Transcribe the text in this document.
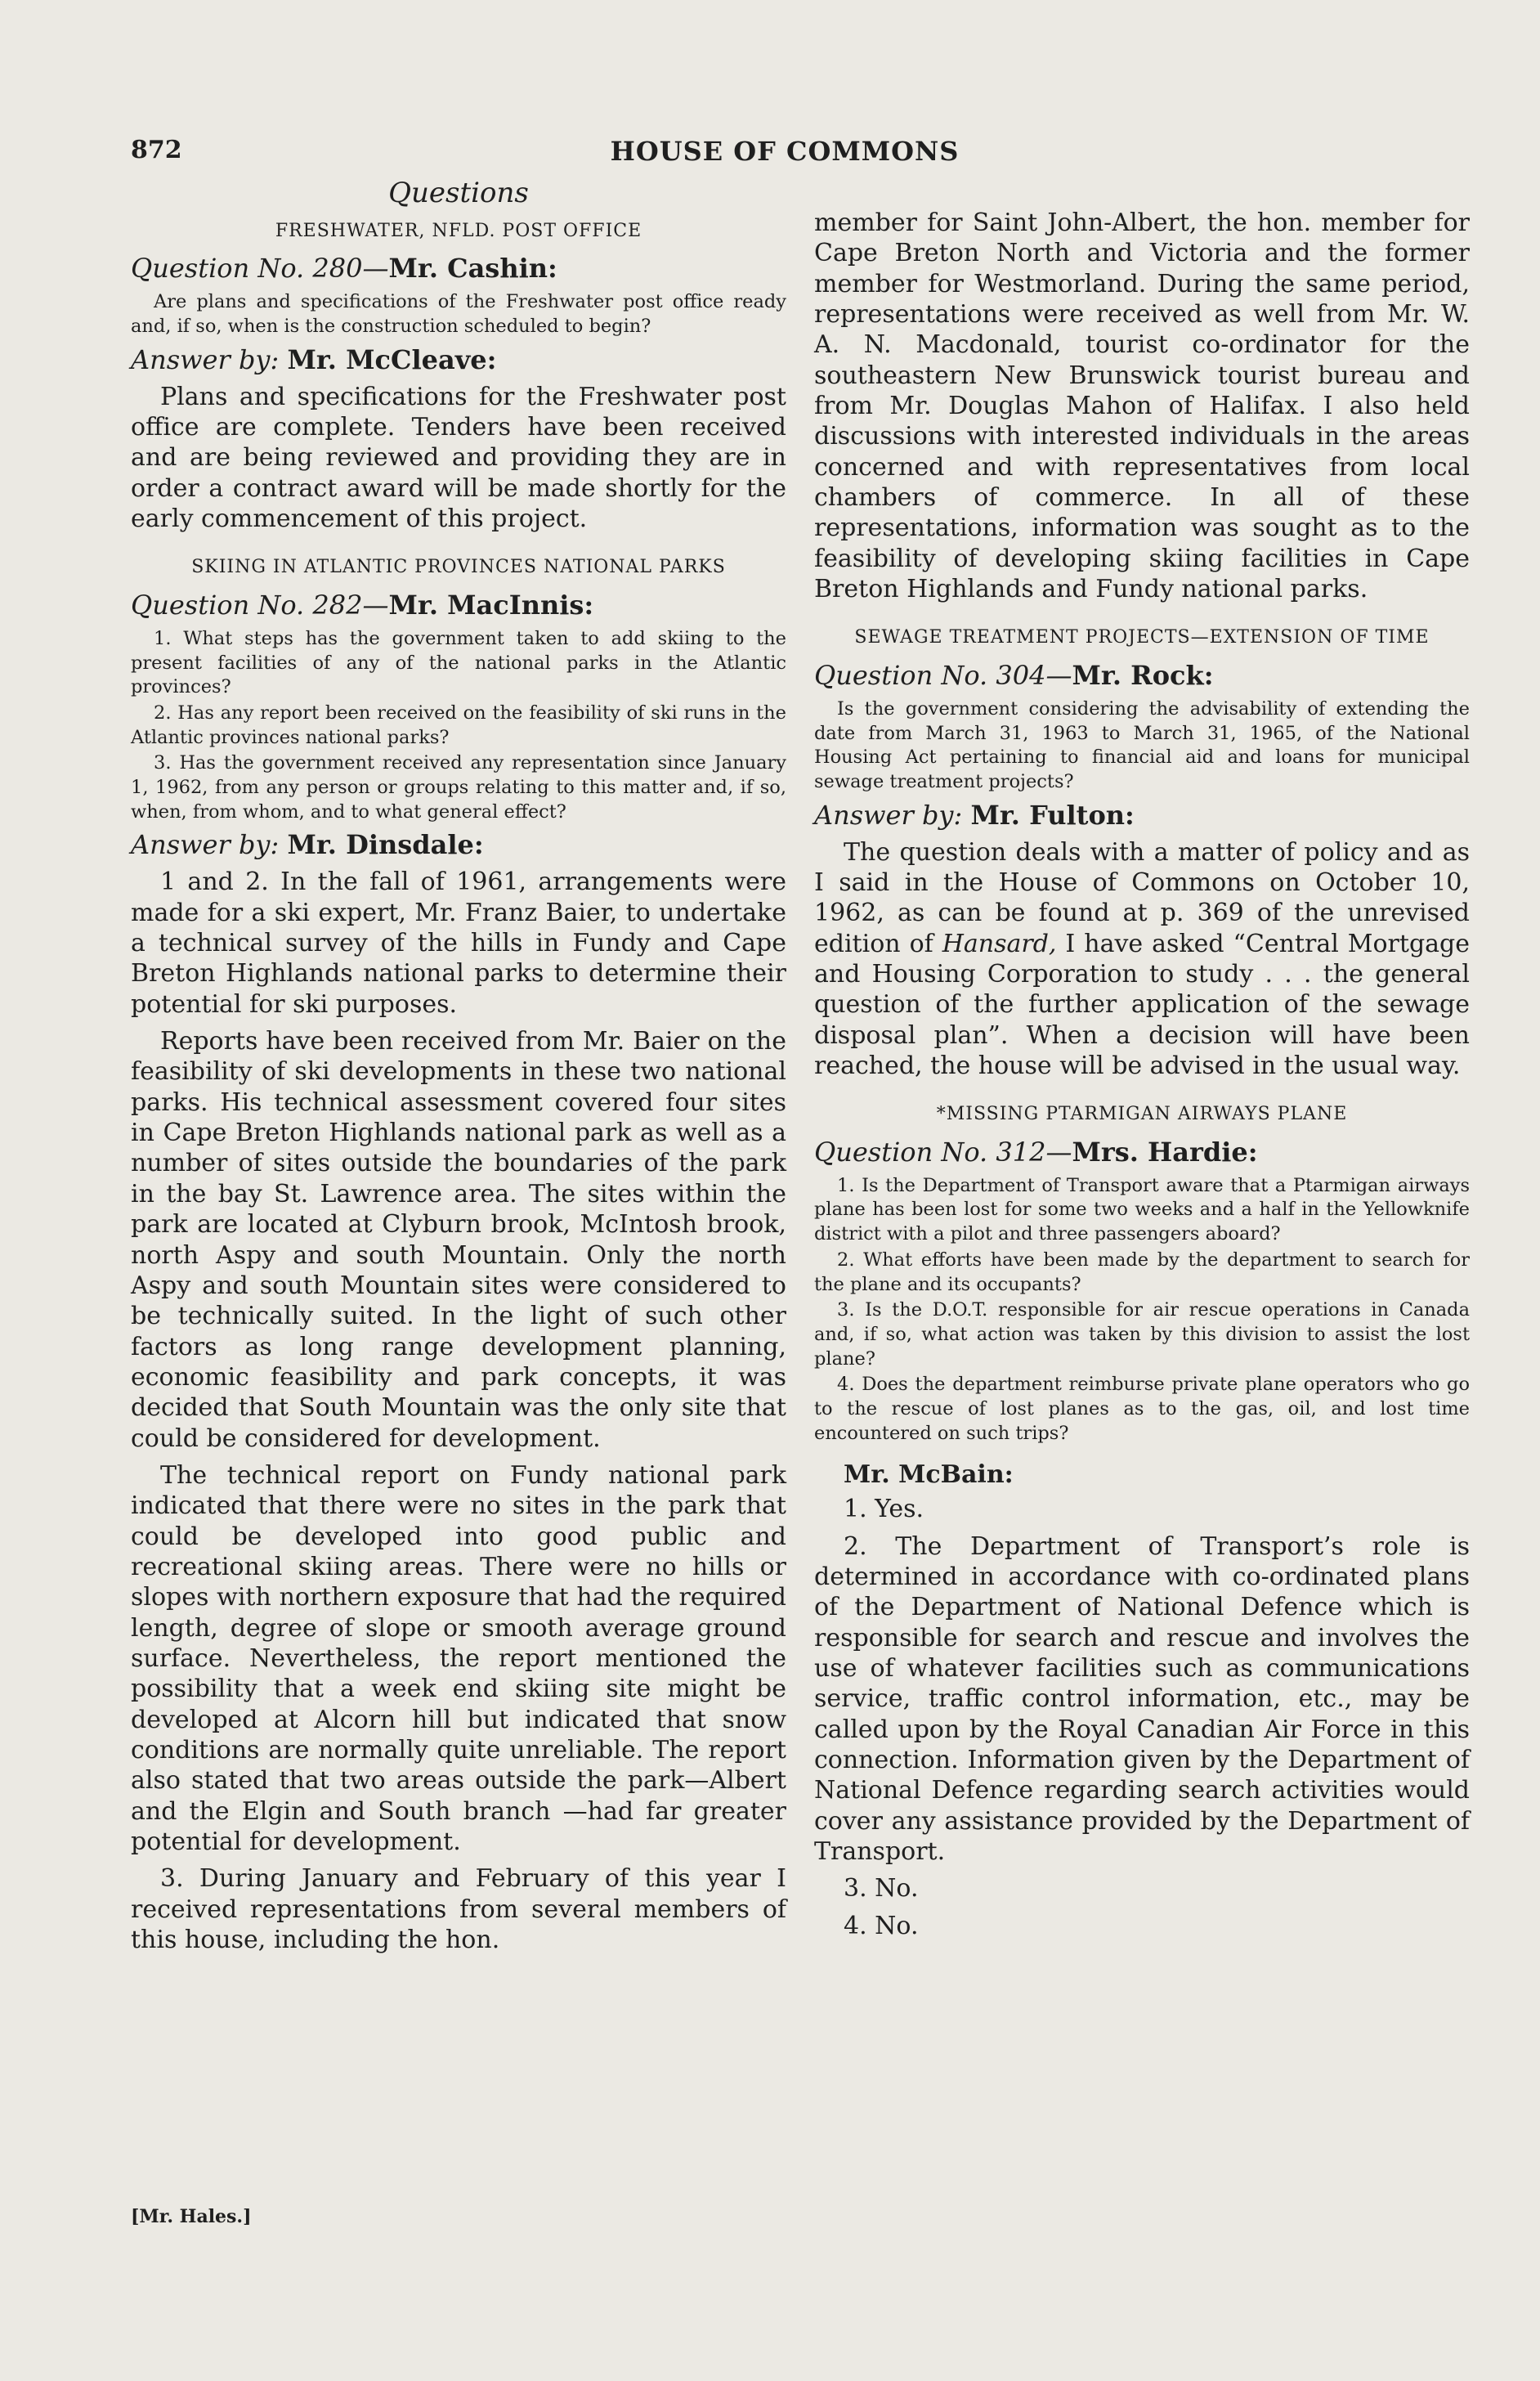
872	HOUSE OF COMMONS
Questions
FRESHWATER, NFLD. POST OFFICE
Question No. 280—Mr. Cashin:

Are plans and specifications of the Freshwater post office ready and, if so, when is the construction scheduled to begin?

Answer by: Mr. McCleave:

Plans and specifications for the Freshwater post office are complete. Tenders have been received and are being reviewed and providing they are in order a contract award will be made shortly for the early commencement of this project.

SKIING IN ATLANTIC PROVINCES NATIONAL PARKS
Question No. 282—Mr. MacInnis:

1. What steps has the government taken to add skiing to the present facilities of any of the national parks in the Atlantic provinces?

2. Has any report been received on the feasibility of ski runs in the Atlantic provinces national parks?

3. Has the government received any representation since January 1, 1962, from any person or groups relating to this matter and, if so, when, from whom, and to what general effect?

Answer by: Mr. Dinsdale:

1 and 2. In the fall of 1961, arrangements were made for a ski expert, Mr. Franz Baier, to undertake a technical survey of the hills in Fundy and Cape Breton Highlands national parks to determine their potential for ski purposes.

Reports have been received from Mr. Baier on the feasibility of ski developments in these two national parks. His technical assessment covered four sites in Cape Breton Highlands national park as well as a number of sites outside the boundaries of the park in the bay St. Lawrence area. The sites within the park are located at Clyburn brook, McIntosh brook, north Aspy and south Mountain. Only the north Aspy and south Mountain sites were considered to be technically suited. In the light of such other factors as long range development planning, economic feasibility and park concepts, it was decided that South Mountain was the only site that could be considered for development.

The technical report on Fundy national park indicated that there were no sites in the park that could be developed into good public and recreational skiing areas. There were no hills or slopes with northern exposure that had the required length, degree of slope or smooth average ground surface. Nevertheless, the report mentioned the possibility that a week end skiing site might be developed at Alcorn hill but indicated that snow conditions are normally quite unreliable. The report also stated that two areas outside the park—Albert and the Elgin and South branch —had far greater potential for development.

3. During January and February of this year I received representations from several members of this house, including the hon.

[Mr. Hales.]

member for Saint John-Albert, the hon. member for Cape Breton North and Victoria and the former member for Westmorland. During the same period, representations were received as well from Mr. W. A. N. Macdonald, tourist co-ordinator for the southeastern New Brunswick tourist bureau and from Mr. Douglas Mahon of Halifax. I also held discussions with interested individuals in the areas concerned and with representatives from local chambers of commerce. In all of these representations, information was sought as to the feasibility of developing skiing facilities in Cape Breton Highlands and Fundy national parks.

SEWAGE TREATMENT PROJECTS—EXTENSION OF TIME
Question No. 304—Mr. Rock:

Is the government considering the advisability of extending the date from March 31, 1963 to March 31, 1965, of the National Housing Act pertaining to financial aid and loans for municipal sewage treatment projects?

Answer by: Mr. Fulton:

The question deals with a matter of policy and as I said in the House of Commons on October 10, 1962, as can be found at p. 369 of the unrevised edition of Hansard, I have asked “Central Mortgage and Housing Corporation to study . . . the general question of the further application of the sewage disposal plan”. When a decision will have been reached, the house will be advised in the usual way.

*MISSING PTARMIGAN AIRWAYS PLANE
Question No. 312—Mrs. Hardie:

1. Is the Department of Transport aware that a Ptarmigan airways plane has been lost for some two weeks and a half in the Yellowknife district with a pilot and three passengers aboard?

2. What efforts have been made by the department to search for the plane and its occupants?

3. Is the D.O.T. responsible for air rescue operations in Canada and, if so, what action was taken by this division to assist the lost plane?

4. Does the department reimburse private plane operators who go to the rescue of lost planes as to the gas, oil, and lost time encountered on such trips?

Mr. McBain:

1. Yes.

2. The Department of Transport’s role is determined in accordance with co-ordinated plans of the Department of National Defence which is responsible for search and rescue and involves the use of whatever facilities such as communications service, traffic control information, etc., may be called upon by the Royal Canadian Air Force in this connection. Information given by the Department of National Defence regarding search activities would cover any assistance provided by the Department of Transport.

3. No.

4. No.
